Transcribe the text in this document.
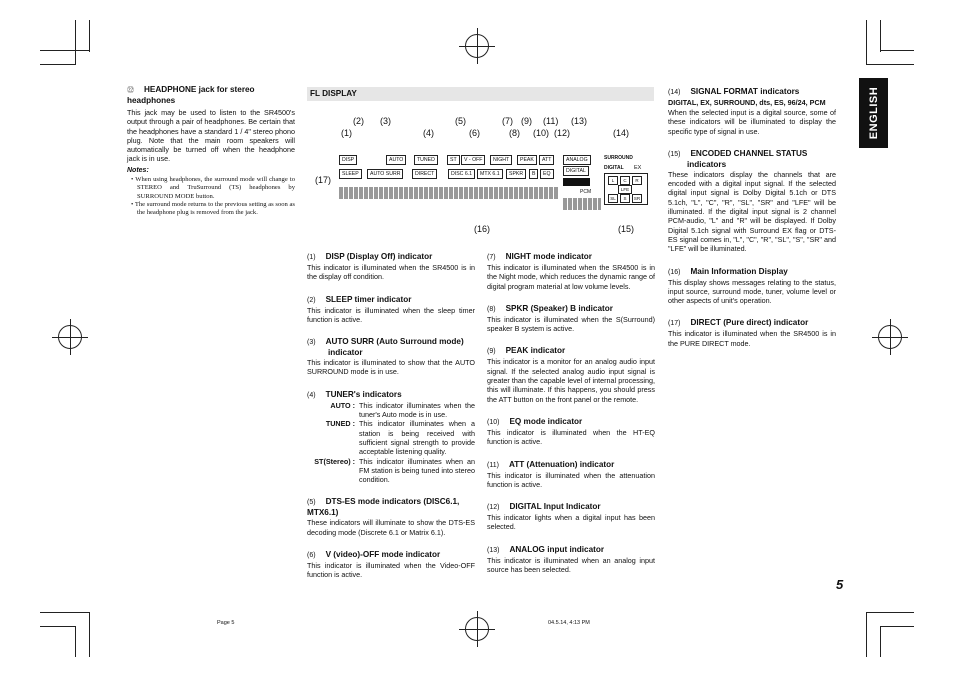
ENGLISH
5
㉒ HEADPHONE jack for stereo headphones
This jack may be used to listen to the SR4500's output through a pair of headphones. Be certain that the headphones have a standard 1 / 4" stereo phono plug. Note that the main room speakers will automatically be turned off when the headphone jack is in use.
Notes:
• When using headphones, the surround mode will change to STEREO and TruSurround (TS) headphones by SURROUND MODE button.
• The surround mode returns to the previous setting as soon as the headphone plug is removed from the jack.
FL DISPLAY
(1)
(2) (3)
(4)
(5)
(6)
(7)
(8)
(9)
(10)
(11)
(12)
(13)
(14)
(17)
(16)	(15)
DISP	AUTO	TUNED	ST	V - OFF	NIGHT	PEAK	ATT	ANALOG	SURROUND
DIGITAL EX
SLEEP	AUTO SURR	DIRECT	DISC 6.1	MTX 6.1	SPKR	B	EQ	DIGITAL
PCM
L	C	R
LFE
SL	S	SR
(1) DISP (Display Off) indicator
This indicator is illuminated when the SR4500 is in the display off condition.
(2) SLEEP timer indicator
This indicator is illuminated when the sleep timer function is active.
(3) AUTO SURR (Auto Surround mode) indicator
This indicator is illuminated to show that the AUTO SURROUND mode is in use.
(4) TUNER's indicators
AUTO :	This indicator illuminates when the tuner's Auto mode is in use.
TUNED :	This indicator illuminates when a station is being received with sufficient signal strength to provide acceptable listening quality.
ST(Stereo) :	This indicator illuminates when an FM station is being tuned into stereo condition.
(5) DTS-ES mode indicators (DISC6.1, MTX6.1)
These indicators will illuminate to show the DTS-ES decoding mode (Discrete 6.1 or Matrix 6.1).
(6) V (video)-OFF mode indicator
This indicator is illuminated when the Video-OFF function is active.
(7) NIGHT mode indicator
This indicator is illuminated when the SR4500 is in the Night mode, which reduces the dynamic range of digital program material at low volume levels.
(8) SPKR (Speaker) B indicator
This indicator is illuminated when the S(Surround) speaker B system is active.
(9) PEAK indicator
This indicator is a monitor for an analog audio input signal. If the selected analog audio input signal is greater than the capable level of internal processing, this will illuminate. If this happens, you should press the ATT button on the front panel or the remote.
(10) EQ mode indicator
This indicator is illuminated when the HT-EQ function is active.
(11) ATT (Attenuation) indicator
This indicator is illuminated when the attenuation function is active.
(12) DIGITAL Input Indicator
This indicator lights when a digital input has been selected.
(13) ANALOG input indicator
This indicator is illuminated when an analog input source has been selected.
(14) SIGNAL FORMAT indicators
DIGITAL, EX, SURROUND, dts, ES, 96/24, PCM
When the selected input is a digital source, some of these indicators will be illuminated to display the specific type of signal in use.
(15) ENCODED CHANNEL STATUS indicators
These indicators display the channels that are encoded with a digital input signal. If the selected digital input signal is Dolby Digital 5.1ch or DTS 5.1ch, "L", "C", "R", "SL", "SR" and "LFE" will be illuminated. If the digital input signal is 2 channel PCM-audio, "L" and "R" will be displayed. If Dolby Digital 5.1ch signal with Surround EX flag or DTS-ES signal comes in, "L", "C", "R", "SL", "S", "SR" and "LFE" will be illuminated.
(16) Main Information Display
This display shows messages relating to the status, input source, surround mode, tuner, volume level or other aspects of unit's operation.
(17) DIRECT (Pure direct) indicator
This indicator is illuminated when the SR4500 is in the PURE DIRECT mode.
Page 5	04.5.14, 4:13 PM
